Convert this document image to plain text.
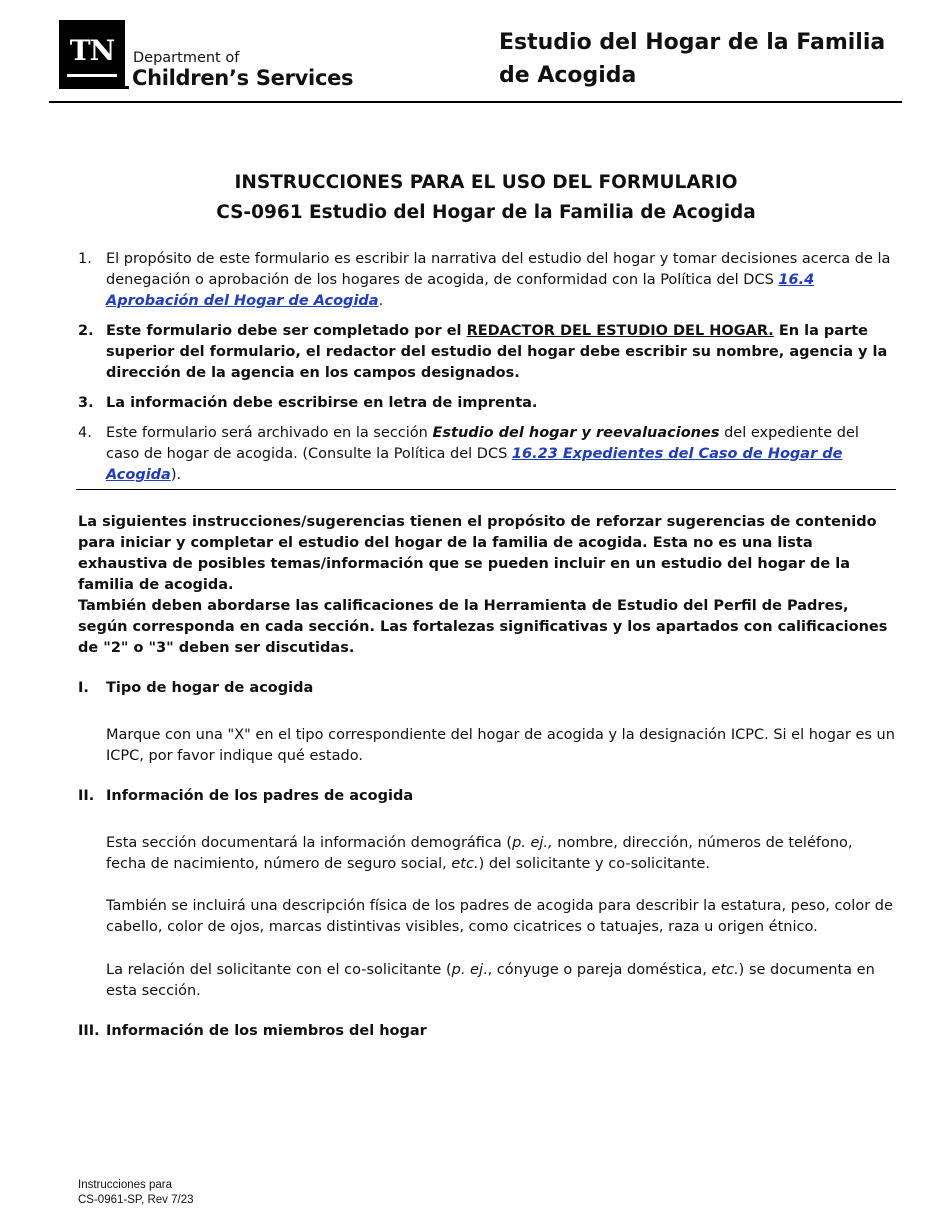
TN Department of
Children’s Services
Estudio del Hogar de la Familia
de Acogida
INSTRUCCIONES PARA EL USO DEL FORMULARIO
CS-0961 Estudio del Hogar de la Familia de Acogida
1. El propósito de este formulario es escribir la narrativa del estudio del hogar y tomar decisiones acerca de la denegación o aprobación de los hogares de acogida, de conformidad con la Política del DCS 16.4 Aprobación del Hogar de Acogida.
2. Este formulario debe ser completado por el REDACTOR DEL ESTUDIO DEL HOGAR. En la parte superior del formulario, el redactor del estudio del hogar debe escribir su nombre, agencia y la dirección de la agencia en los campos designados.
3. La información debe escribirse en letra de imprenta.
4. Este formulario será archivado en la sección Estudio del hogar y reevaluaciones del expediente del caso de hogar de acogida. (Consulte la Política del DCS 16.23 Expedientes del Caso de Hogar de Acogida).
La siguientes instrucciones/sugerencias tienen el propósito de reforzar sugerencias de contenido para iniciar y completar el estudio del hogar de la familia de acogida. Esta no es una lista exhaustiva de posibles temas/información que se pueden incluir en un estudio del hogar de la familia de acogida.
También deben abordarse las calificaciones de la Herramienta de Estudio del Perfil de Padres, según corresponda en cada sección. Las fortalezas significativas y los apartados con calificaciones de "2" o "3" deben ser discutidas.
I. Tipo de hogar de acogida
Marque con una "X" en el tipo correspondiente del hogar de acogida y la designación ICPC. Si el hogar es un ICPC, por favor indique qué estado.
II. Información de los padres de acogida
Esta sección documentará la información demográfica (p. ej., nombre, dirección, números de teléfono, fecha de nacimiento, número de seguro social, etc.) del solicitante y co-solicitante.
También se incluirá una descripción física de los padres de acogida para describir la estatura, peso, color de cabello, color de ojos, marcas distintivas visibles, como cicatrices o tatuajes, raza u origen étnico.
La relación del solicitante con el co-solicitante (p. ej., cónyuge o pareja doméstica, etc.) se documenta en esta sección.
III. Información de los miembros del hogar
Instrucciones para
CS-0961-SP, Rev 7/23
